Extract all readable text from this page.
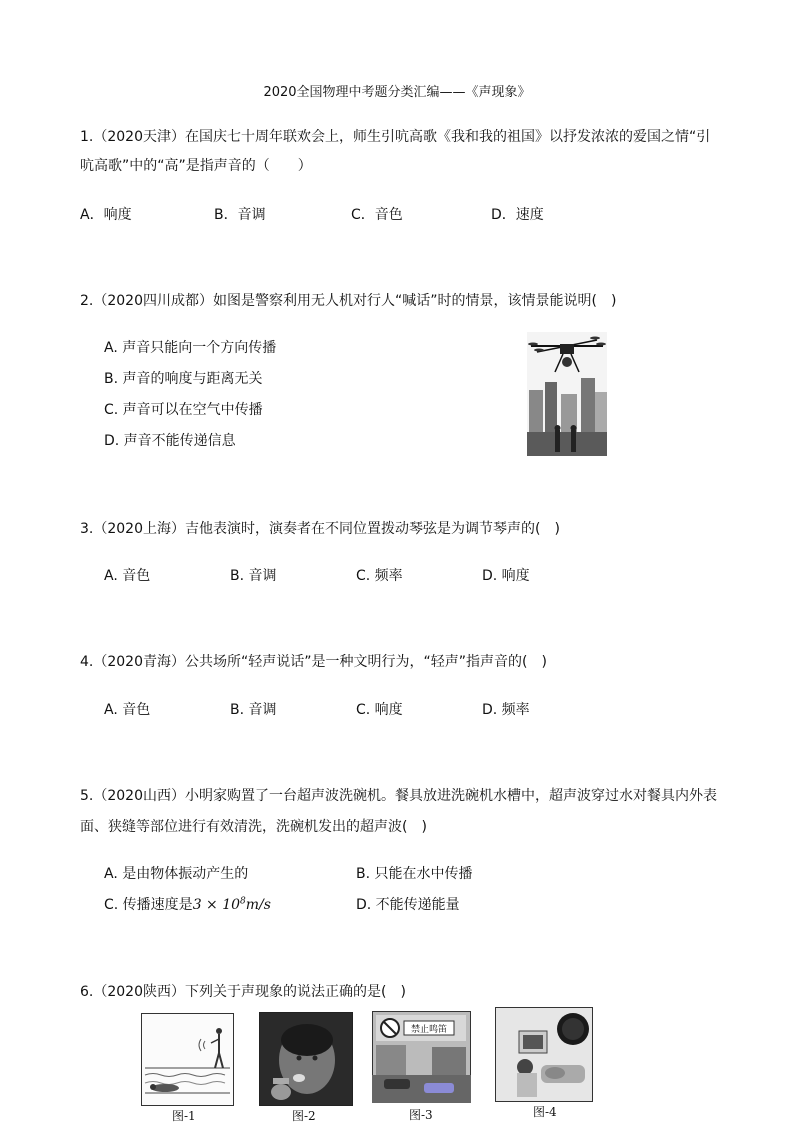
2020全国物理中考题分类汇编——《声现象》
1.（2020天津）在国庆七十周年联欢会上，师生引吭高歌《我和我的祖国》以抒发浓浓的爱国之情“引
吭高歌”中的“高”是指声音的（　　）
A．响度	B．音调	C．音色	D．速度
2.（2020四川成都）如图是警察利用无人机对行人“喊话”时的情景，该情景能说明(　)
A. 声音只能向一个方向传播
B. 声音的响度与距离无关
C. 声音可以在空气中传播
D. 声音不能传递信息
3.（2020上海）吉他表演时，演奏者在不同位置拨动琴弦是为调节琴声的(　)
A. 音色	B. 音调	C. 频率	D. 响度
4.（2020青海）公共场所“轻声说话”是一种文明行为，“轻声”指声音的(　)
A. 音色	B. 音调	C. 响度	D. 频率
5.（2020山西）小明家购置了一台超声波洗碗机。餐具放进洗碗机水槽中，超声波穿过水对餐具内外表
面、狭缝等部位进行有效清洗，洗碗机发出的超声波(　)
A. 是由物体振动产生的	B. 只能在水中传播
C. 传播速度是$3 \times 10^8m/s$	D. 不能传递能量
6.（2020陕西）下列关于声现象的说法正确的是(　)
图-1	图-2
禁止鸣笛
图-3	图-4
